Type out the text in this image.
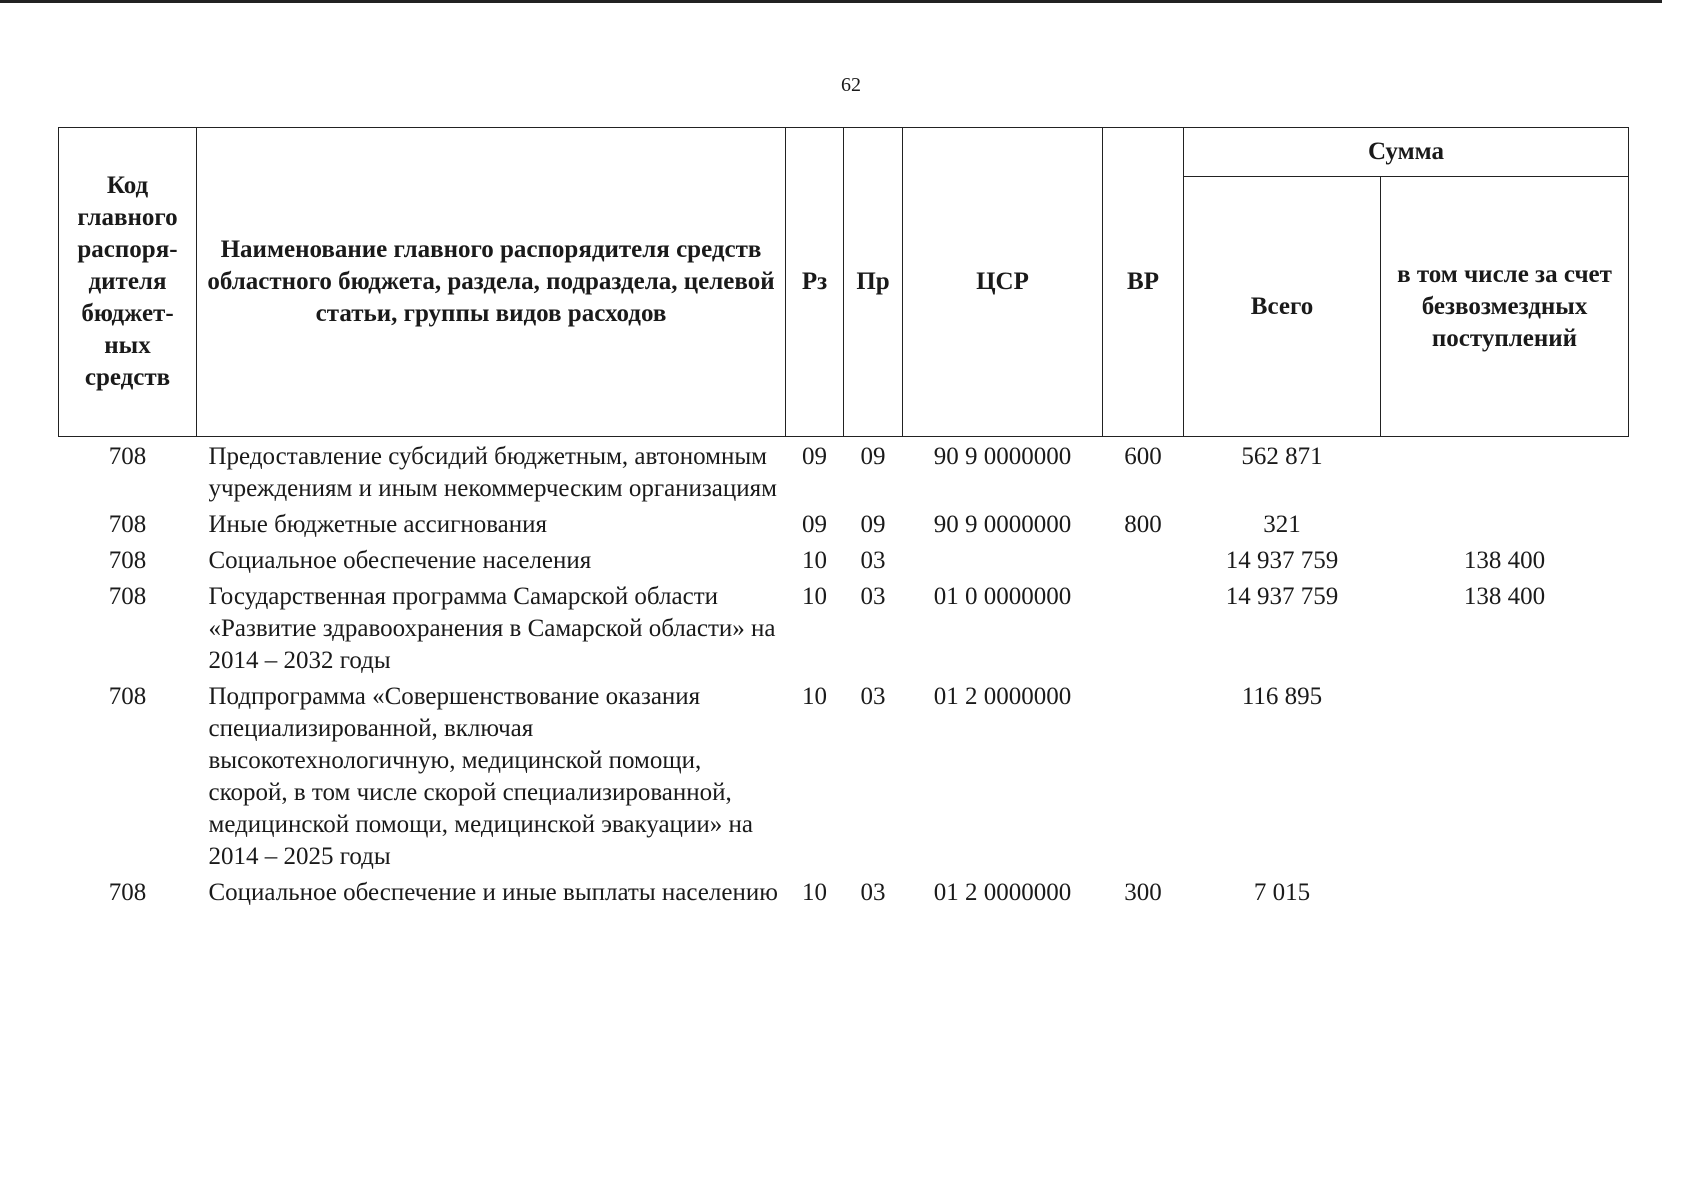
62
Код главного распоря-дителя бюджет-ных средств	Наименование главного распорядителя средств областного бюджета, раздела, подраздела, целевой статьи, группы видов расходов	Рз	Пр	ЦСР	ВР	Сумма	
						Всего	в том числе за счет безвозмездных поступлений
708	Предоставление субсидий бюджетным, автономным учреждениям и иным некоммерческим организациям	09	09	90 9 0000000	600	562 871	
708	Иные бюджетные ассигнования	09	09	90 9 0000000	800	321	
708	Социальное обеспечение населения	10	03			14 937 759	138 400
708	Государственная программа Самарской области «Развитие здравоохранения в Самарской области» на 2014 – 2032 годы	10	03	01 0 0000000		14 937 759	138 400
708	Подпрограмма «Совершенствование оказания специализированной, включая высокотехнологичную, медицинской помощи, скорой, в том числе скорой специализированной, медицинской помощи, медицинской эвакуации» на 2014 – 2025 годы	10	03	01 2 0000000		116 895	
708	Социальное обеспечение и иные выплаты населению	10	03	01 2 0000000	300	7 015	
